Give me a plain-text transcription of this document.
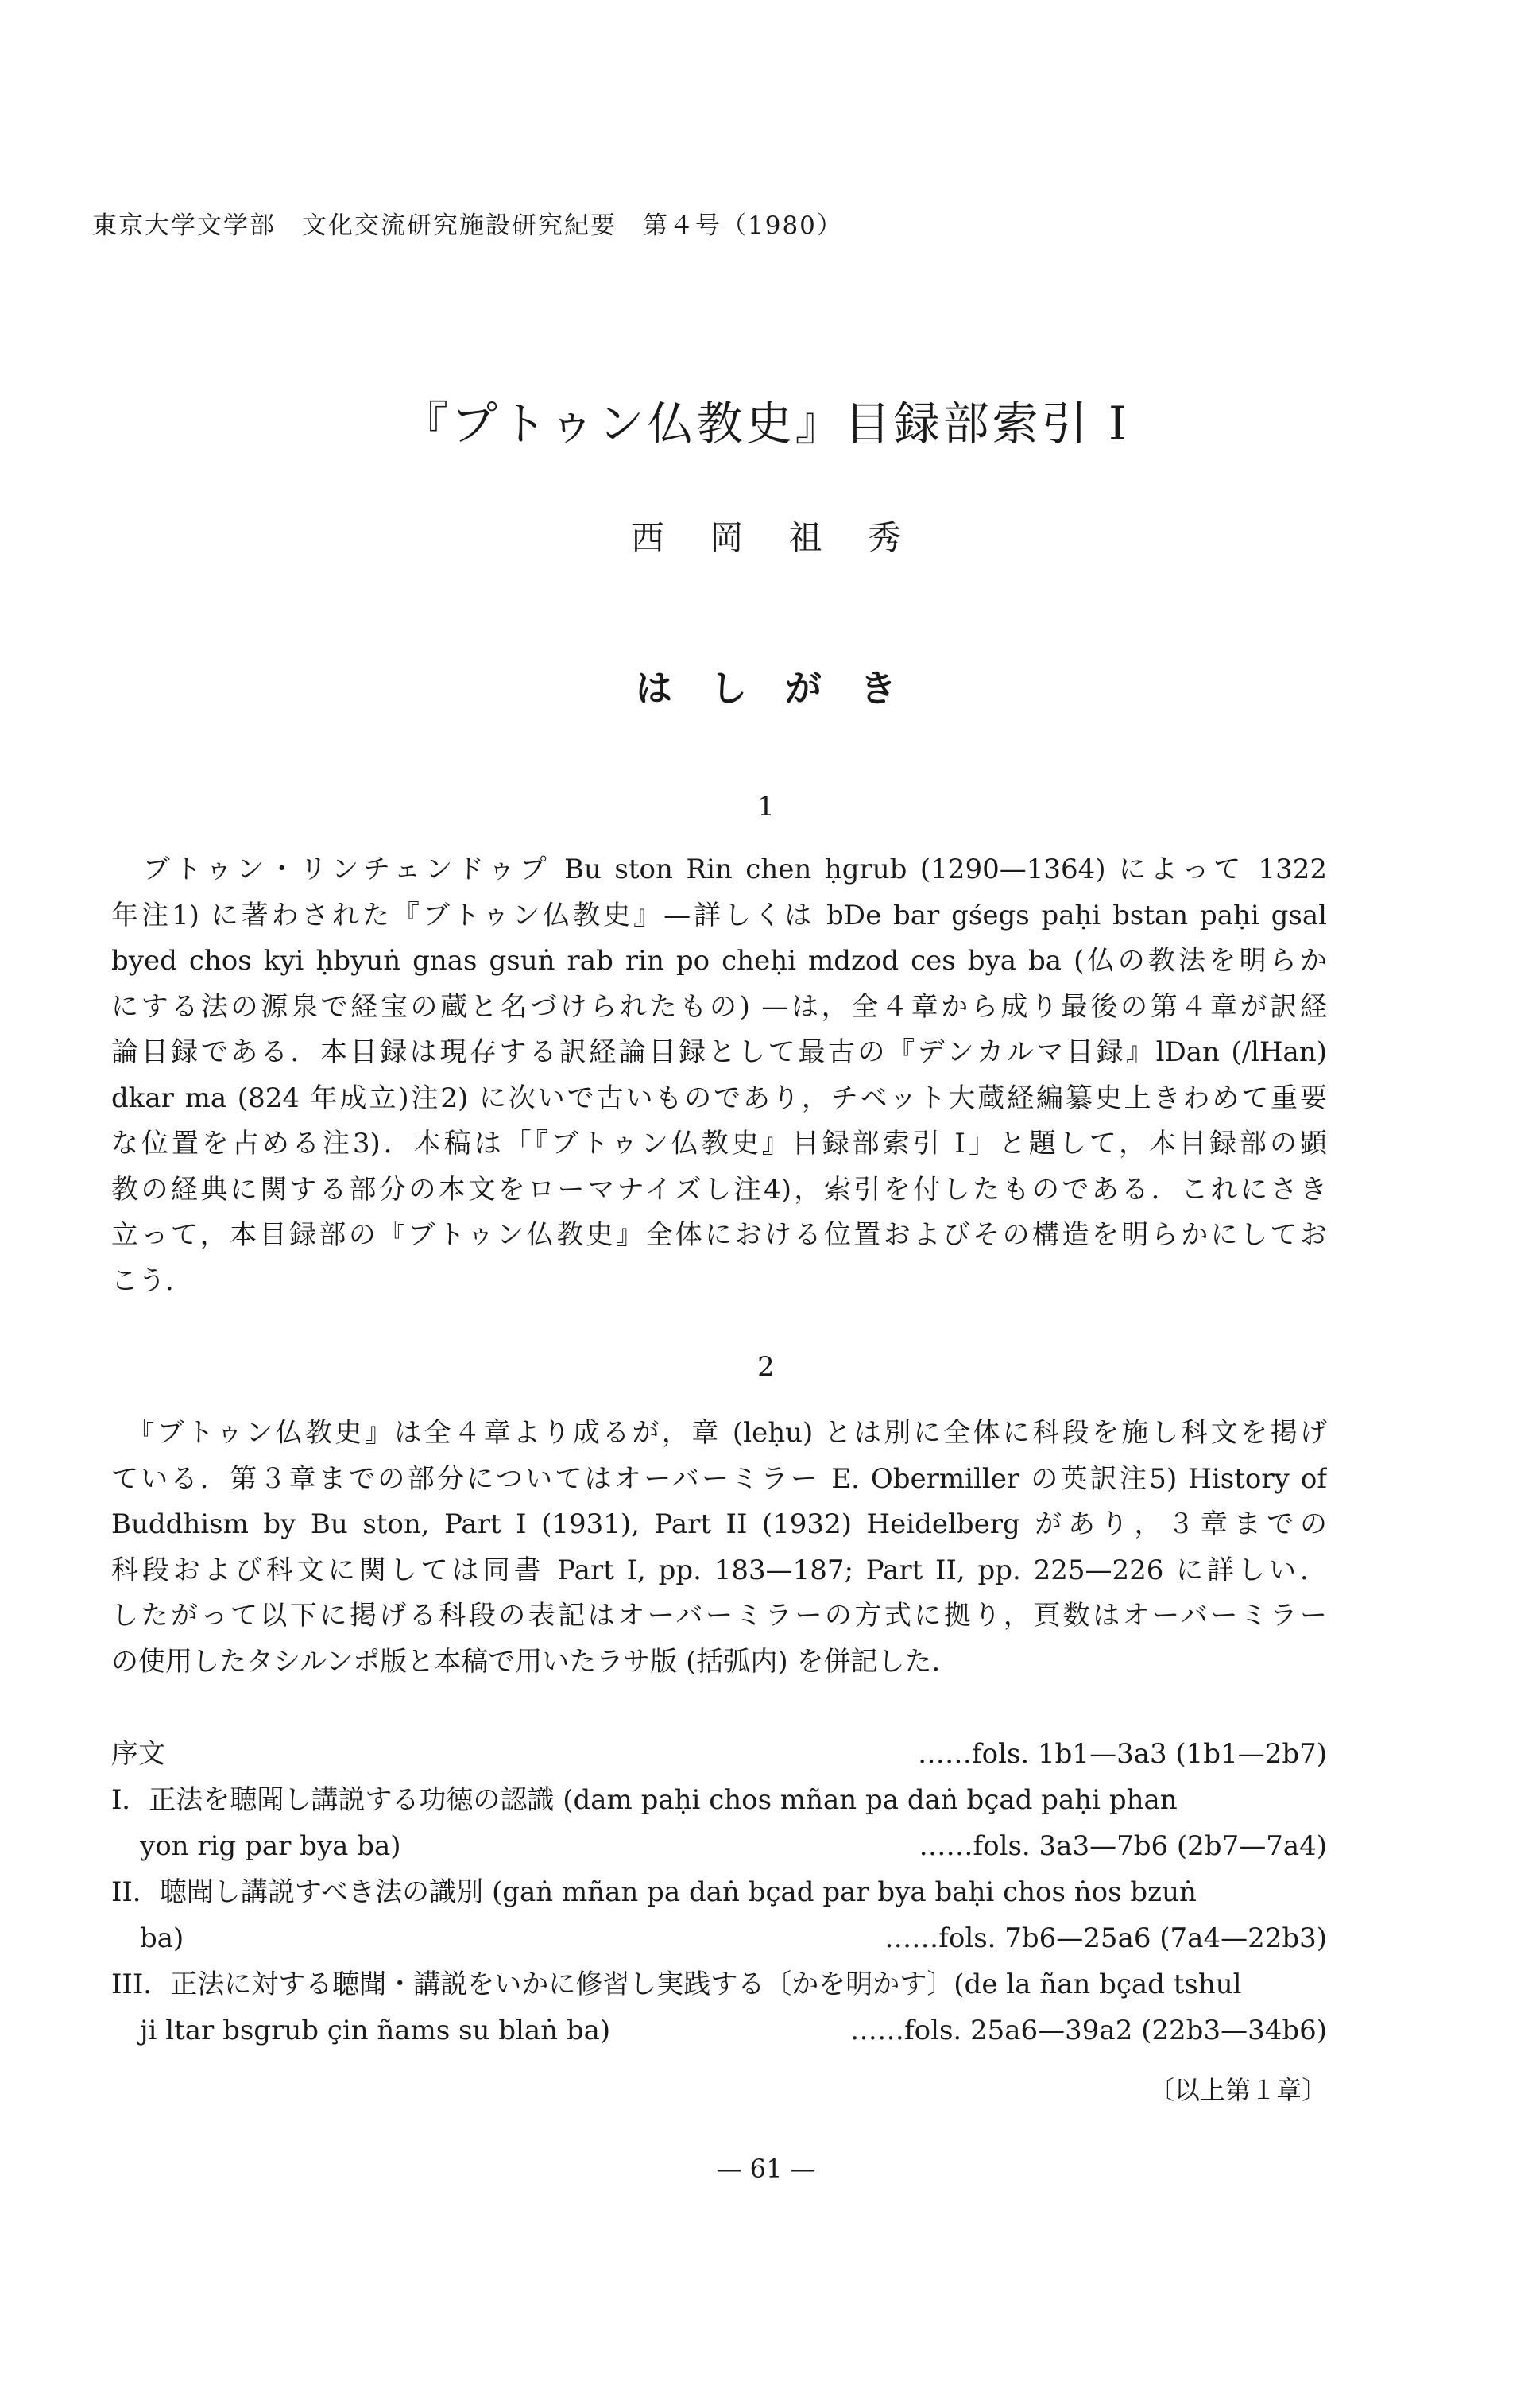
東京大学文学部　文化交流研究施設研究紀要　第４号（1980）
『プトゥン仏教史』目録部索引 I
西 岡 祖 秀
は し が き
1
　ブトゥン・リンチェンドゥプ Bu ston Rin chen ḥgrub (1290—1364) によって 1322
年注1) に著わされた『ブトゥン仏教史』—詳しくは bDe bar gśegs paḥi bstan paḥi gsal
byed chos kyi ḥbyuṅ gnas gsuṅ rab rin po cheḥi mdzod ces bya ba (仏の教法を明らか
にする法の源泉で経宝の蔵と名づけられたもの) —は，全４章から成り最後の第４章が訳経
論目録である．本目録は現存する訳経論目録として最古の『デンカルマ目録』lDan (/lHan)
dkar ma (824 年成立)注2) に次いで古いものであり，チベット大蔵経編纂史上きわめて重要
な位置を占める注3)．本稿は「『ブトゥン仏教史』目録部索引 I」と題して，本目録部の顕
教の経典に関する部分の本文をローマナイズし注4)，索引を付したものである．これにさき
立って，本目録部の『ブトゥン仏教史』全体における位置およびその構造を明らかにしてお
こう．
2
　『ブトゥン仏教史』は全４章より成るが，章 (leḥu) とは別に全体に科段を施し科文を掲げ
ている．第３章までの部分についてはオーバーミラー E. Obermiller の英訳注5) History of
Buddhism by Bu ston, Part I (1931), Part II (1932) Heidelberg があり，３章までの
科段および科文に関しては同書 Part I, pp. 183—187; Part II, pp. 225—226 に詳しい．
したがって以下に掲げる科段の表記はオーバーミラーの方式に拠り，頁数はオーバーミラー
の使用したタシルンポ版と本稿で用いたラサ版 (括弧内) を併記した．
序文	……fols. 1b1—3a3 (1b1—2b7)
I．正法を聴聞し講説する功徳の認識 (dam paḥi chos mñan pa daṅ bçad paḥi phan
yon rig par bya ba)	……fols. 3a3—7b6 (2b7—7a4)
II．聴聞し講説すべき法の識別 (gaṅ mñan pa daṅ bçad par bya baḥi chos ṅos bzuṅ
ba)	……fols. 7b6—25a6 (7a4—22b3)
III．正法に対する聴聞・講説をいかに修習し実践する〔かを明かす〕(de la ñan bçad tshul
ji ltar bsgrub çin ñams su blaṅ ba)	……fols. 25a6—39a2 (22b3—34b6)
〔以上第１章〕
— 61 —
